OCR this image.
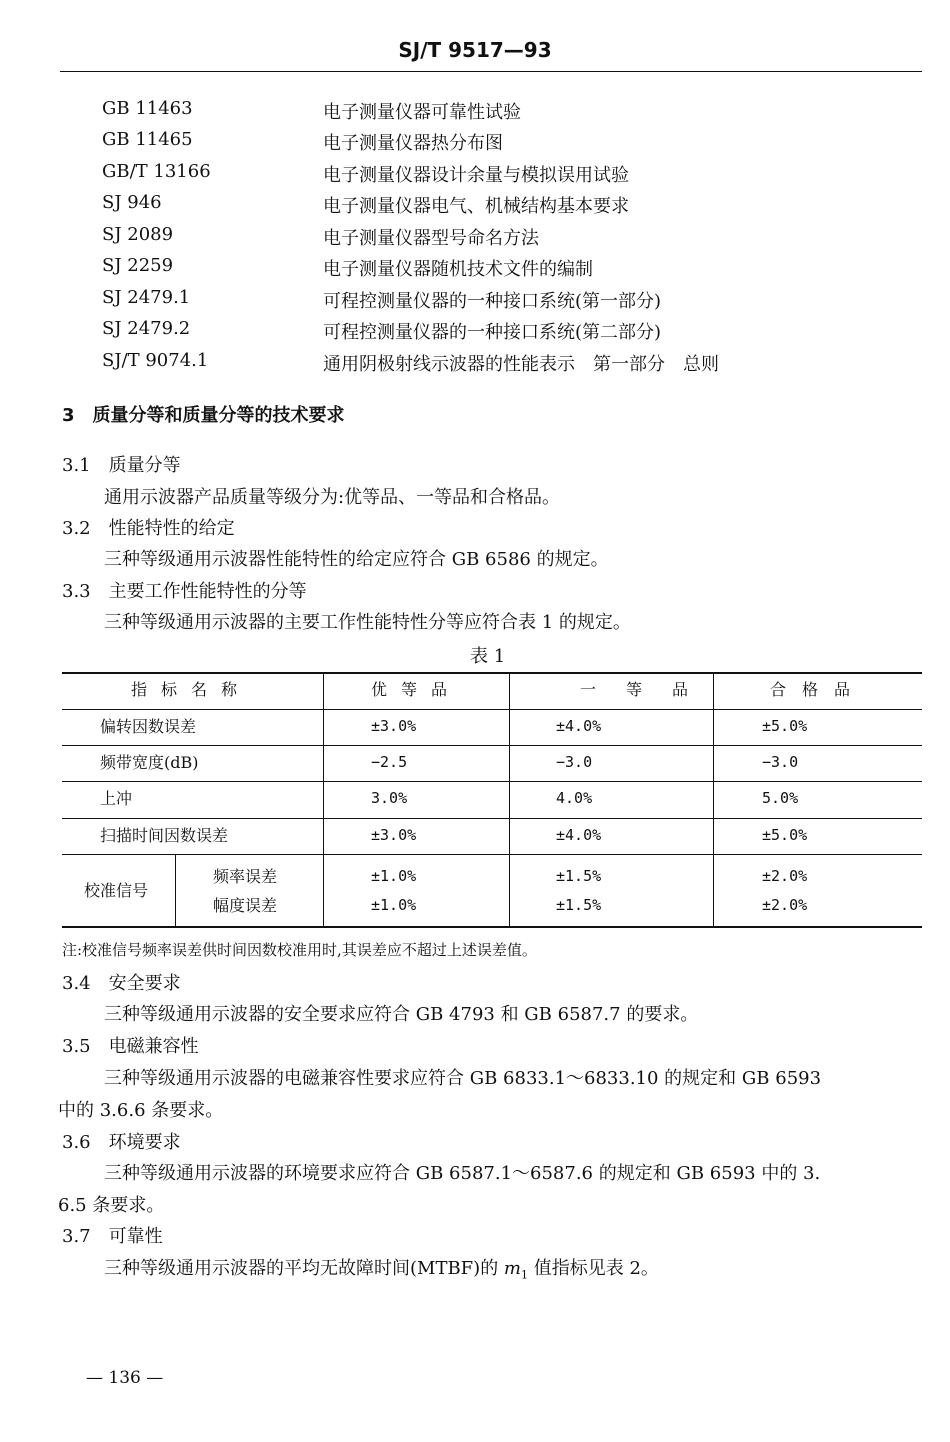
SJ/T 9517—93
GB 11463	电子测量仪器可靠性试验
GB 11465	电子测量仪器热分布图
GB/T 13166	电子测量仪器设计余量与模拟误用试验
SJ 946	电子测量仪器电气、机械结构基本要求
SJ 2089	电子测量仪器型号命名方法
SJ 2259	电子测量仪器随机技术文件的编制
SJ 2479.1	可程控测量仪器的一种接口系统(第一部分)
SJ 2479.2	可程控测量仪器的一种接口系统(第二部分)
SJ/T 9074.1	通用阴极射线示波器的性能表示　第一部分　总则
3　质量分等和质量分等的技术要求
3.1　质量分等
通用示波器产品质量等级分为:优等品、一等品和合格品。
3.2　性能特性的给定
三种等级通用示波器性能特性的给定应符合 GB 6586 的规定。
3.3　主要工作性能特性的分等
三种等级通用示波器的主要工作性能特性分等应符合表 1 的规定。
表 1
指标名称	优等品	一等品	合格品
偏转因数误差	±3.0%	±4.0%	±5.0%
频带宽度(dB)	−2.5	−3.0	−3.0
上冲	3.0%	4.0%	5.0%
扫描时间因数误差	±3.0%	±4.0%	±5.0%
校准信号
频率误差	±1.0%	±1.5%	±2.0%
幅度误差	±1.0%	±1.5%	±2.0%
注:校准信号频率误差供时间因数校准用时,其误差应不超过上述误差值。
3.4　安全要求
三种等级通用示波器的安全要求应符合 GB 4793 和 GB 6587.7 的要求。
3.5　电磁兼容性
三种等级通用示波器的电磁兼容性要求应符合 GB 6833.1～6833.10 的规定和 GB 6593
中的 3.6.6 条要求。
3.6　环境要求
三种等级通用示波器的环境要求应符合 GB 6587.1～6587.6 的规定和 GB 6593 中的 3.
6.5 条要求。
3.7　可靠性
三种等级通用示波器的平均无故障时间(MTBF)的 $m_1$ 值指标见表 2。
— 136 —
